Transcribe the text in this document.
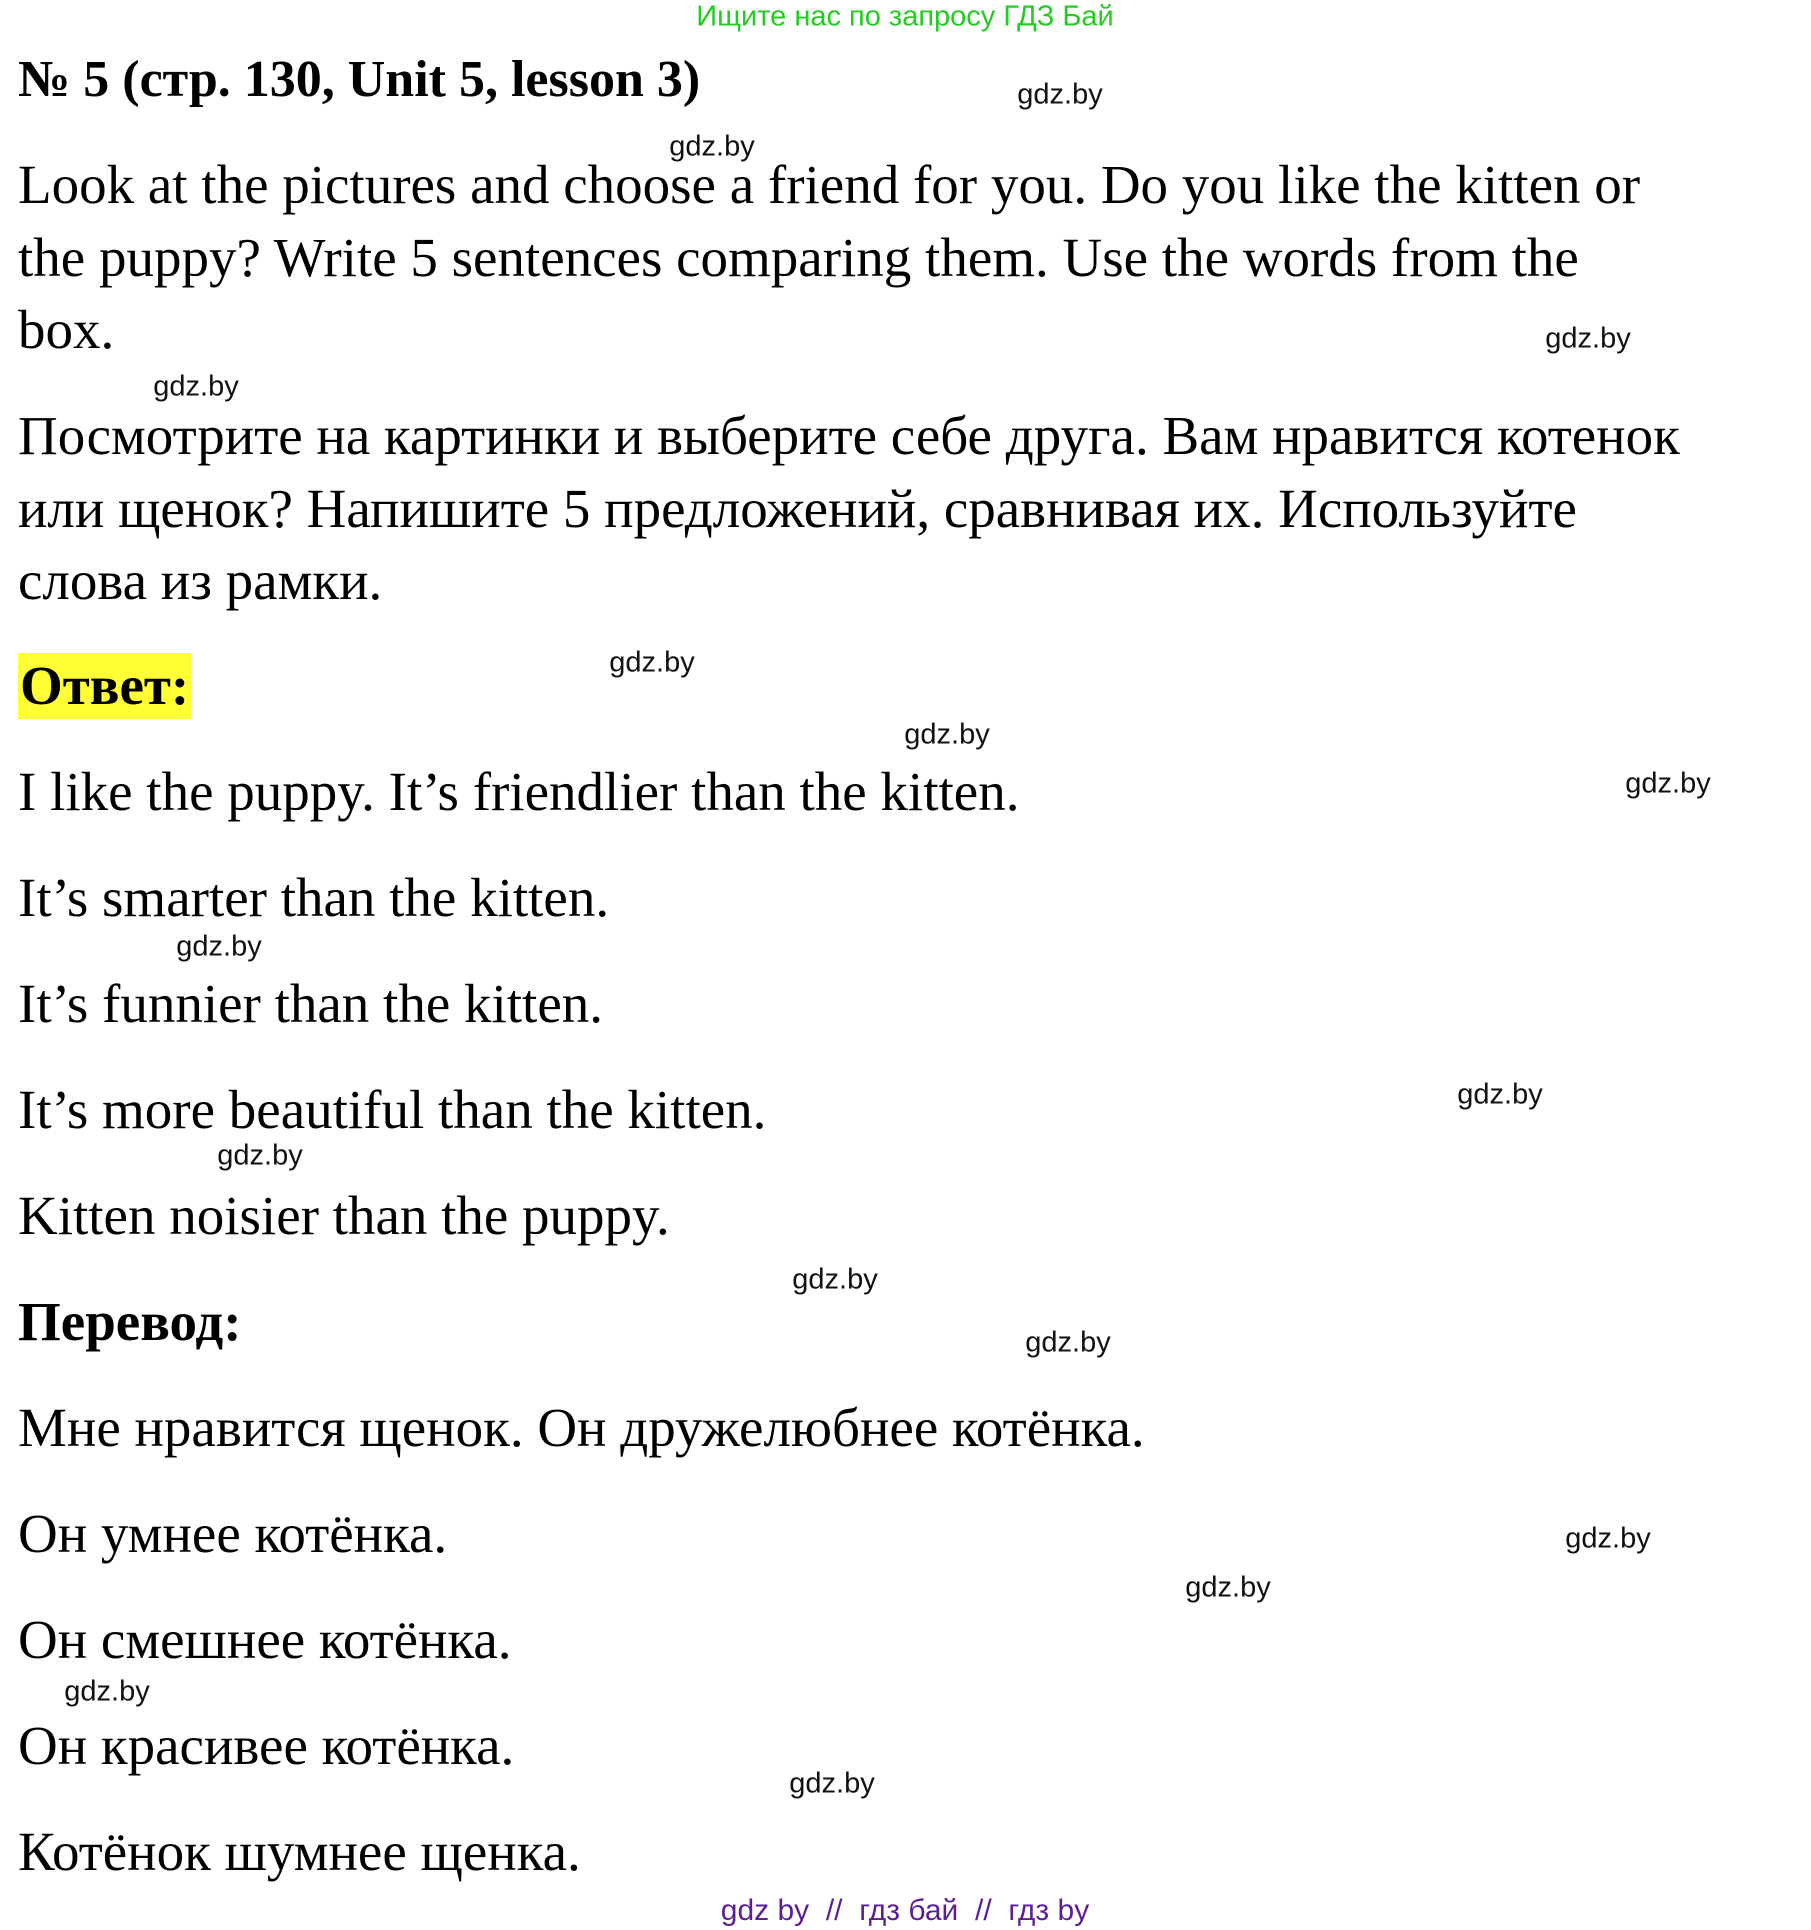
Ищите нас по запросу ГДЗ Бай
№ 5 (стр. 130, Unit 5, lesson 3)
Look at the pictures and choose a friend for you. Do you like the kitten or
the puppy? Write 5 sentences comparing them. Use the words from the
box.
Посмотрите на картинки и выберите себе друга. Вам нравится котенок
или щенок? Напишите 5 предложений, сравнивая их. Используйте
слова из рамки.
Ответ:
I like the puppy. It’s friendlier than the kitten.
It’s smarter than the kitten.
It’s funnier than the kitten.
It’s more beautiful than the kitten.
Kitten noisier than the puppy.
Перевод:
Мне нравится щенок. Он дружелюбнее котёнка.
Он умнее котёнка.
Он смешнее котёнка.
Он красивее котёнка.
Котёнок шумнее щенка.
gdz.by
gdz.by
gdz.by
gdz.by
gdz.by
gdz.by
gdz.by
gdz.by
gdz.by
gdz.by
gdz.by
gdz.by
gdz.by
gdz.by
gdz.by
gdz.by
gdz by  //  гдз бай  //  гдз by
